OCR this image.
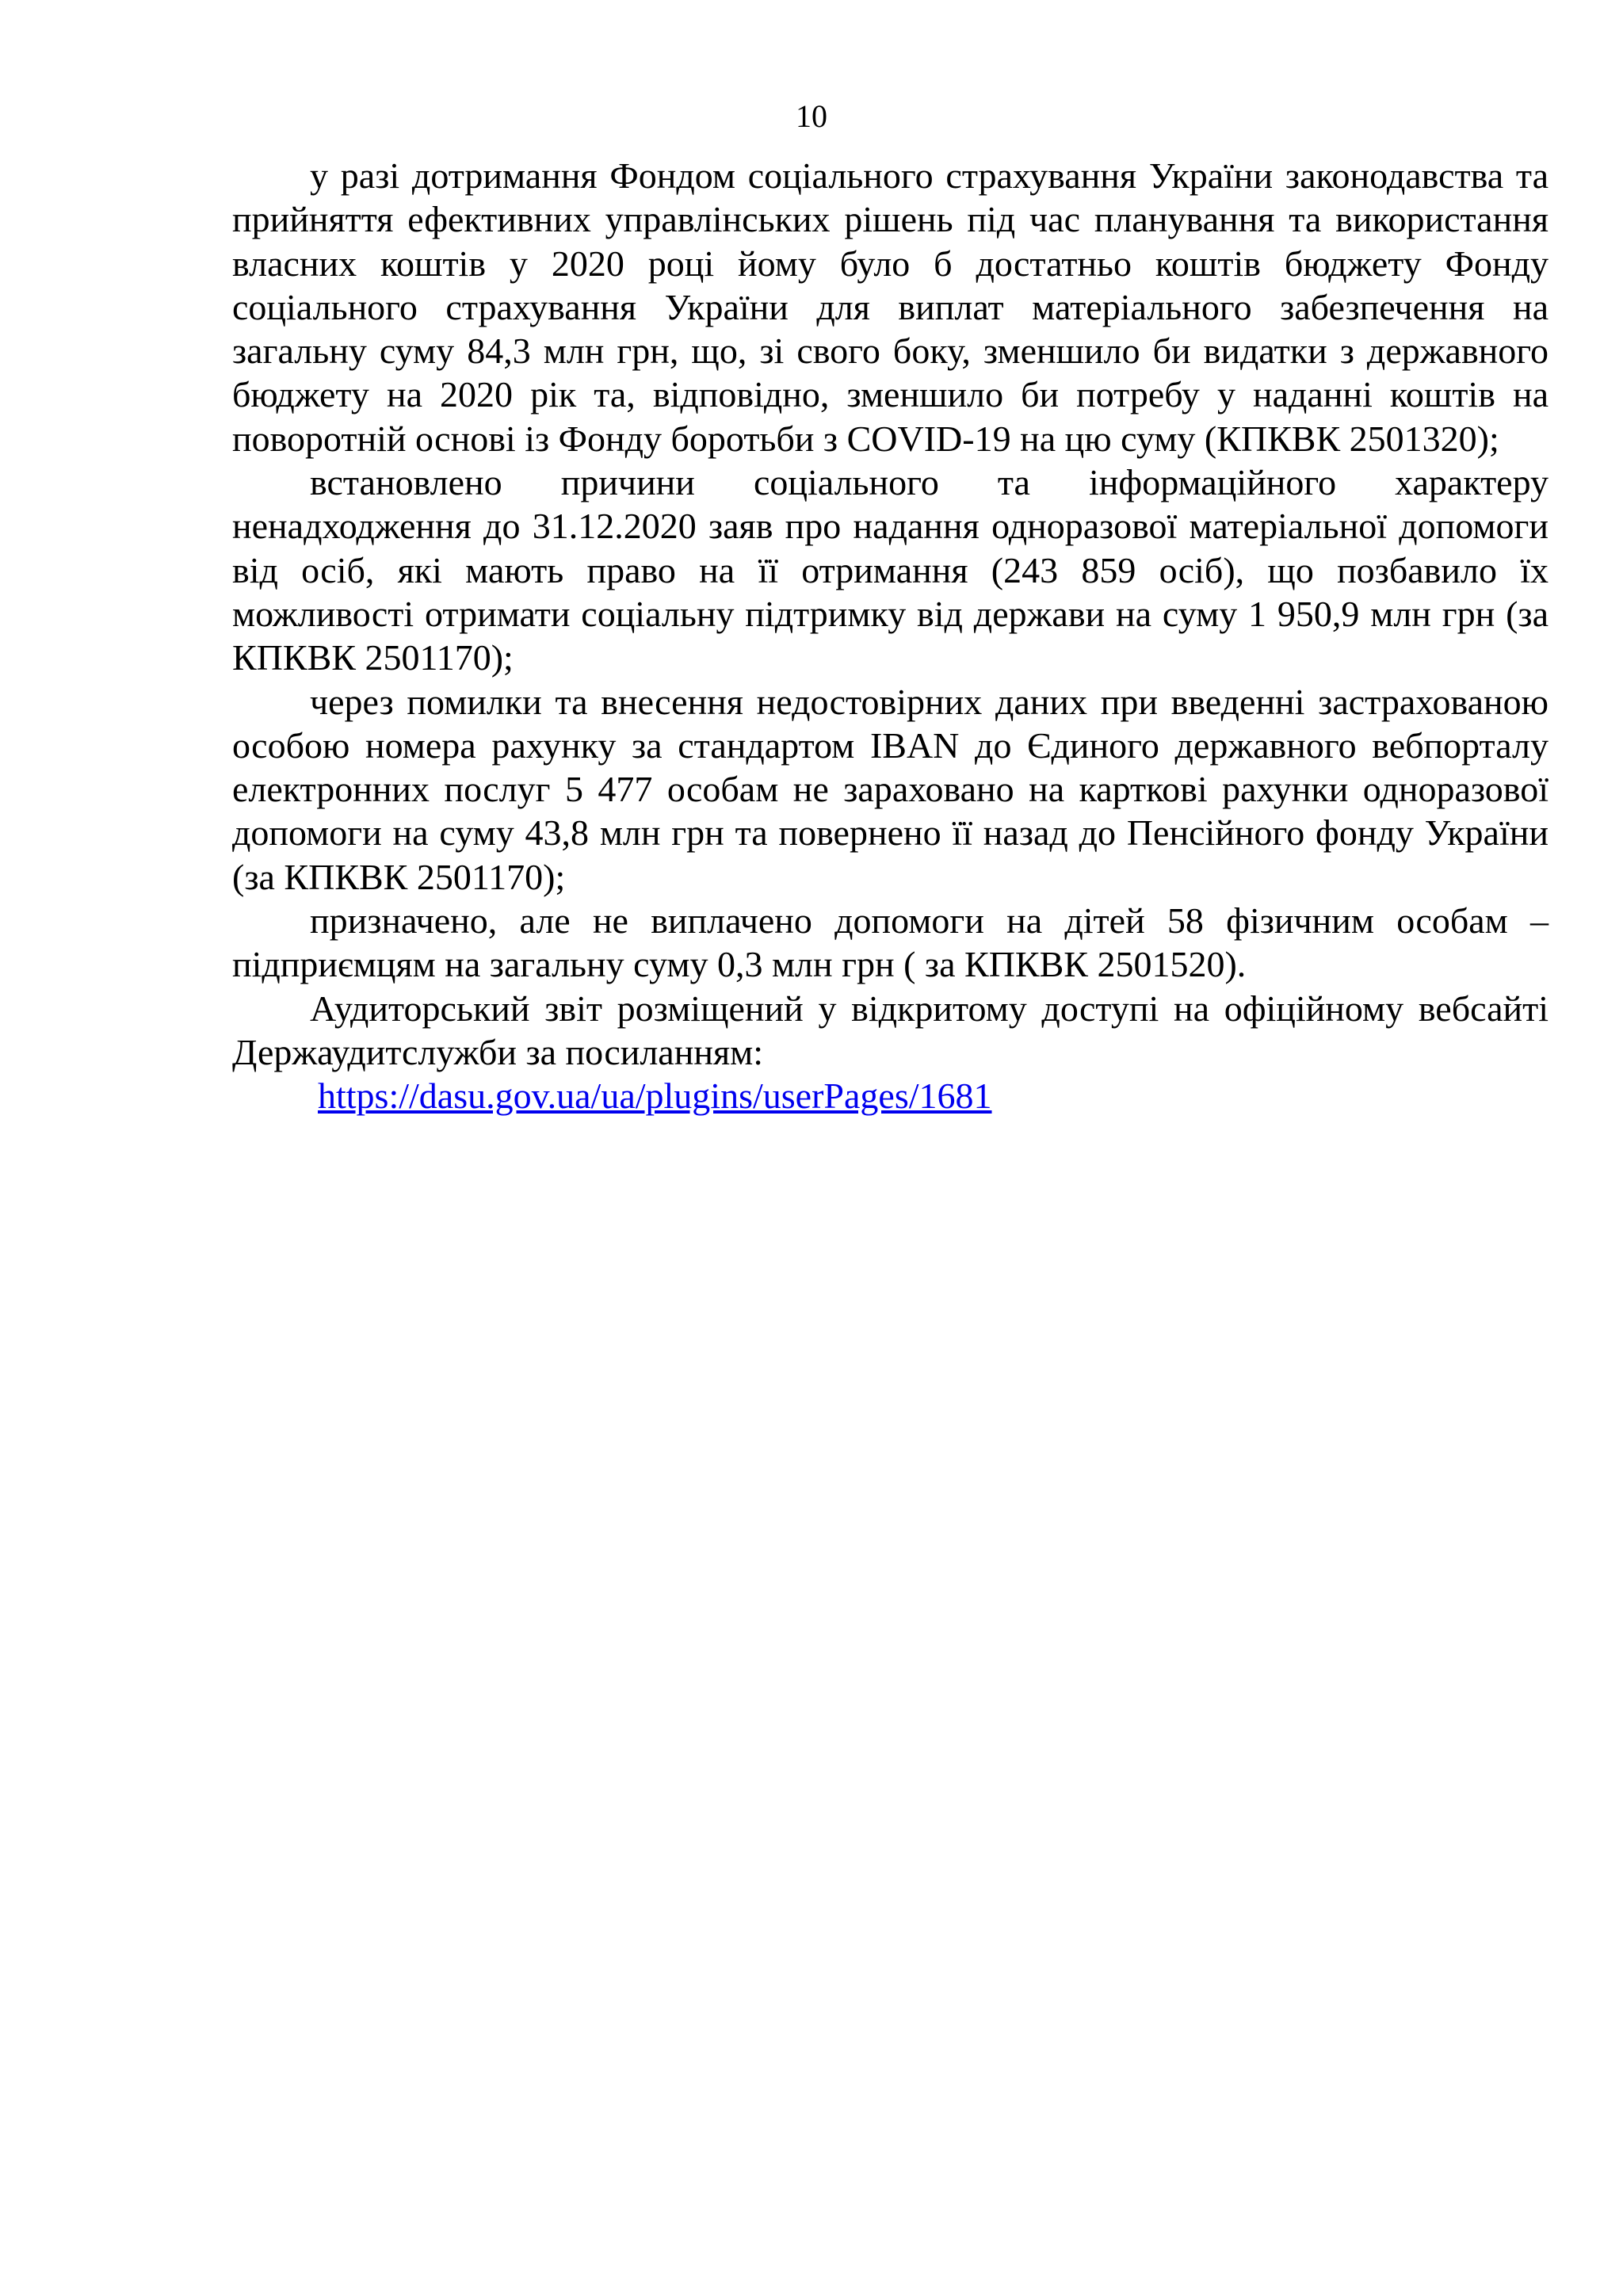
10

у разі дотримання Фондом соціального страхування України законодавства та прийняття ефективних управлінських рішень під час планування та використання власних коштів у 2020 році йому було б достатньо коштів бюджету Фонду соціального страхування України для виплат матеріального забезпечення на загальну суму 84,3 млн грн, що, зі свого боку, зменшило би видатки з державного бюджету на 2020 рік та, відповідно, зменшило би потребу у наданні коштів на поворотній основі із Фонду боротьби з COVID-19 на цю суму (КПКВК 2501320);

встановлено причини соціального та інформаційного характеру ненадходження до 31.12.2020 заяв про надання одноразової матеріальної допомоги від осіб, які мають право на її отримання (243 859 осіб), що позбавило їх можливості отримати соціальну підтримку від держави на суму 1 950,9 млн грн (за КПКВК 2501170);

через помилки та внесення недостовірних даних при введенні застрахованою особою номера рахунку за стандартом IBAN до Єдиного державного вебпорталу електронних послуг 5 477 особам не зараховано на карткові рахунки одноразової допомоги на суму 43,8 млн грн та повернено її назад до Пенсійного фонду України (за КПКВК 2501170);

призначено, але не виплачено допомоги на дітей 58 фізичним особам – підприємцям на загальну суму 0,3 млн грн ( за КПКВК 2501520).

Аудиторський звіт розміщений у відкритому доступі на офіційному вебсайті Держаудитслужби за посиланням:

https://dasu.gov.ua/ua/plugins/userPages/1681
